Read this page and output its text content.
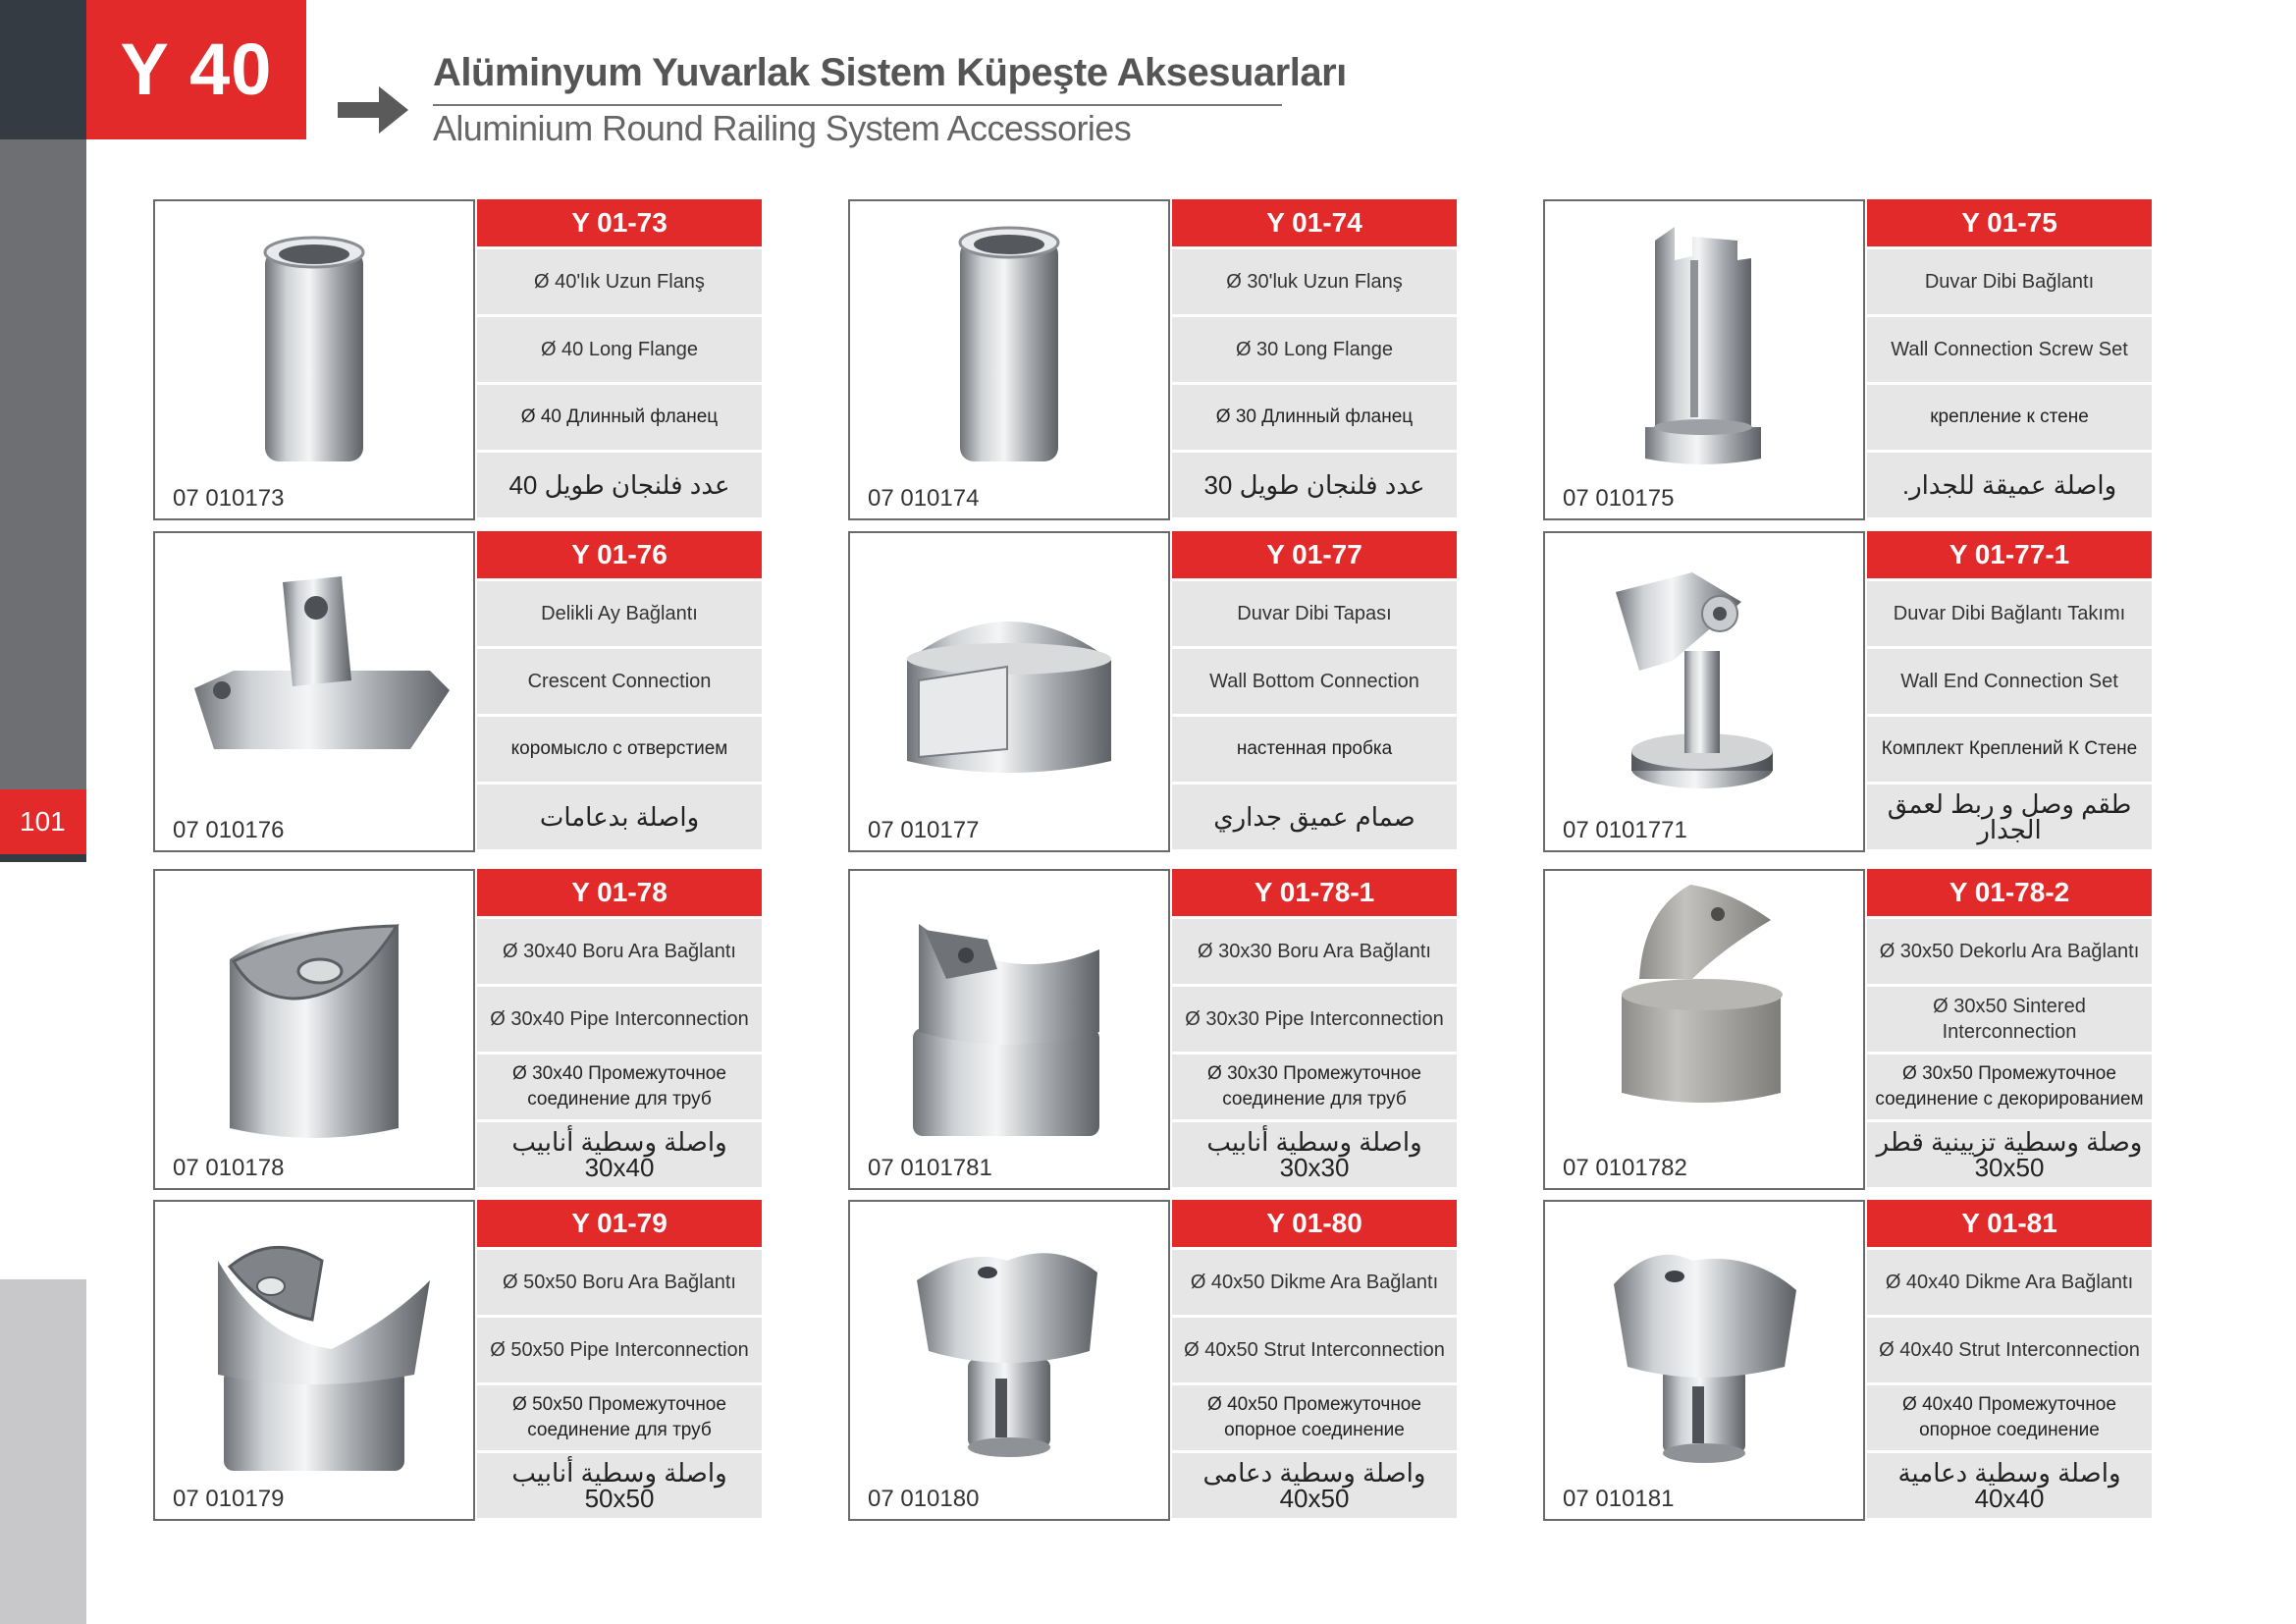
101
Y 40	Alüminyum Yuvarlak Sistem Küpeşte Aksesuarları
Aluminium Round Railing System Accessories
07 010173
Y 01-73
Ø 40'lık Uzun Flanş
Ø 40 Long Flange
Ø 40 Длинный фланец
عدد فلنجان طويل 40	07 010174
Y 01-74
Ø 30'luk Uzun Flanş
Ø 30 Long Flange
Ø 30 Длинный фланец
عدد فلنجان طويل 30	07 010175
Y 01-75
Duvar Dibi Bağlantı
Wall Connection Screw Set
крепление к стене
واصلة عميقة للجدار.
07 010176
Y 01-76
Delikli Ay Bağlantı
Crescent Connection
коромысло с отверстием
واصلة بدعامات	07 010177
Y 01-77
Duvar Dibi Tapası
Wall Bottom Connection
настенная пробка
صمام عميق جداري	07 0101771
Y 01-77-1
Duvar Dibi Bağlantı Takımı
Wall End Connection Set
Комплект Креплений К Стене
طقم وصل و ربط لعمق الجدار
07 010178
Y 01-78
Ø 30x40 Boru Ara Bağlantı
Ø 30x40 Pipe Interconnection
Ø 30x40 Промежуточное соединение для труб
واصلة وسطية أنابيب 30x40	07 0101781
Y 01-78-1
Ø 30x30 Boru Ara Bağlantı
Ø 30x30 Pipe Interconnection
Ø 30x30 Промежуточное соединение для труб
واصلة وسطية أنابيب 30x30	07 0101782
Y 01-78-2
Ø 30x50 Dekorlu Ara Bağlantı
Ø 30x50 Sintered Interconnection
Ø 30x50 Промежуточное соединение с декорированием
وصلة وسطية تزيينية قطر 30x50
07 010179
Y 01-79
Ø 50x50 Boru Ara Bağlantı
Ø 50x50 Pipe Interconnection
Ø 50x50 Промежуточное соединение для труб
واصلة وسطية أنابيب 50x50	07 010180
Y 01-80
Ø 40x50 Dikme Ara Bağlantı
Ø 40x50 Strut Interconnection
Ø 40x50 Промежуточное опорное соединение
واصلة وسطية دعامى 40x50	07 010181
Y 01-81
Ø 40x40 Dikme Ara Bağlantı
Ø 40x40 Strut Interconnection
Ø 40x40 Промежуточное опорное соединение
واصلة وسطية دعامية 40x40
